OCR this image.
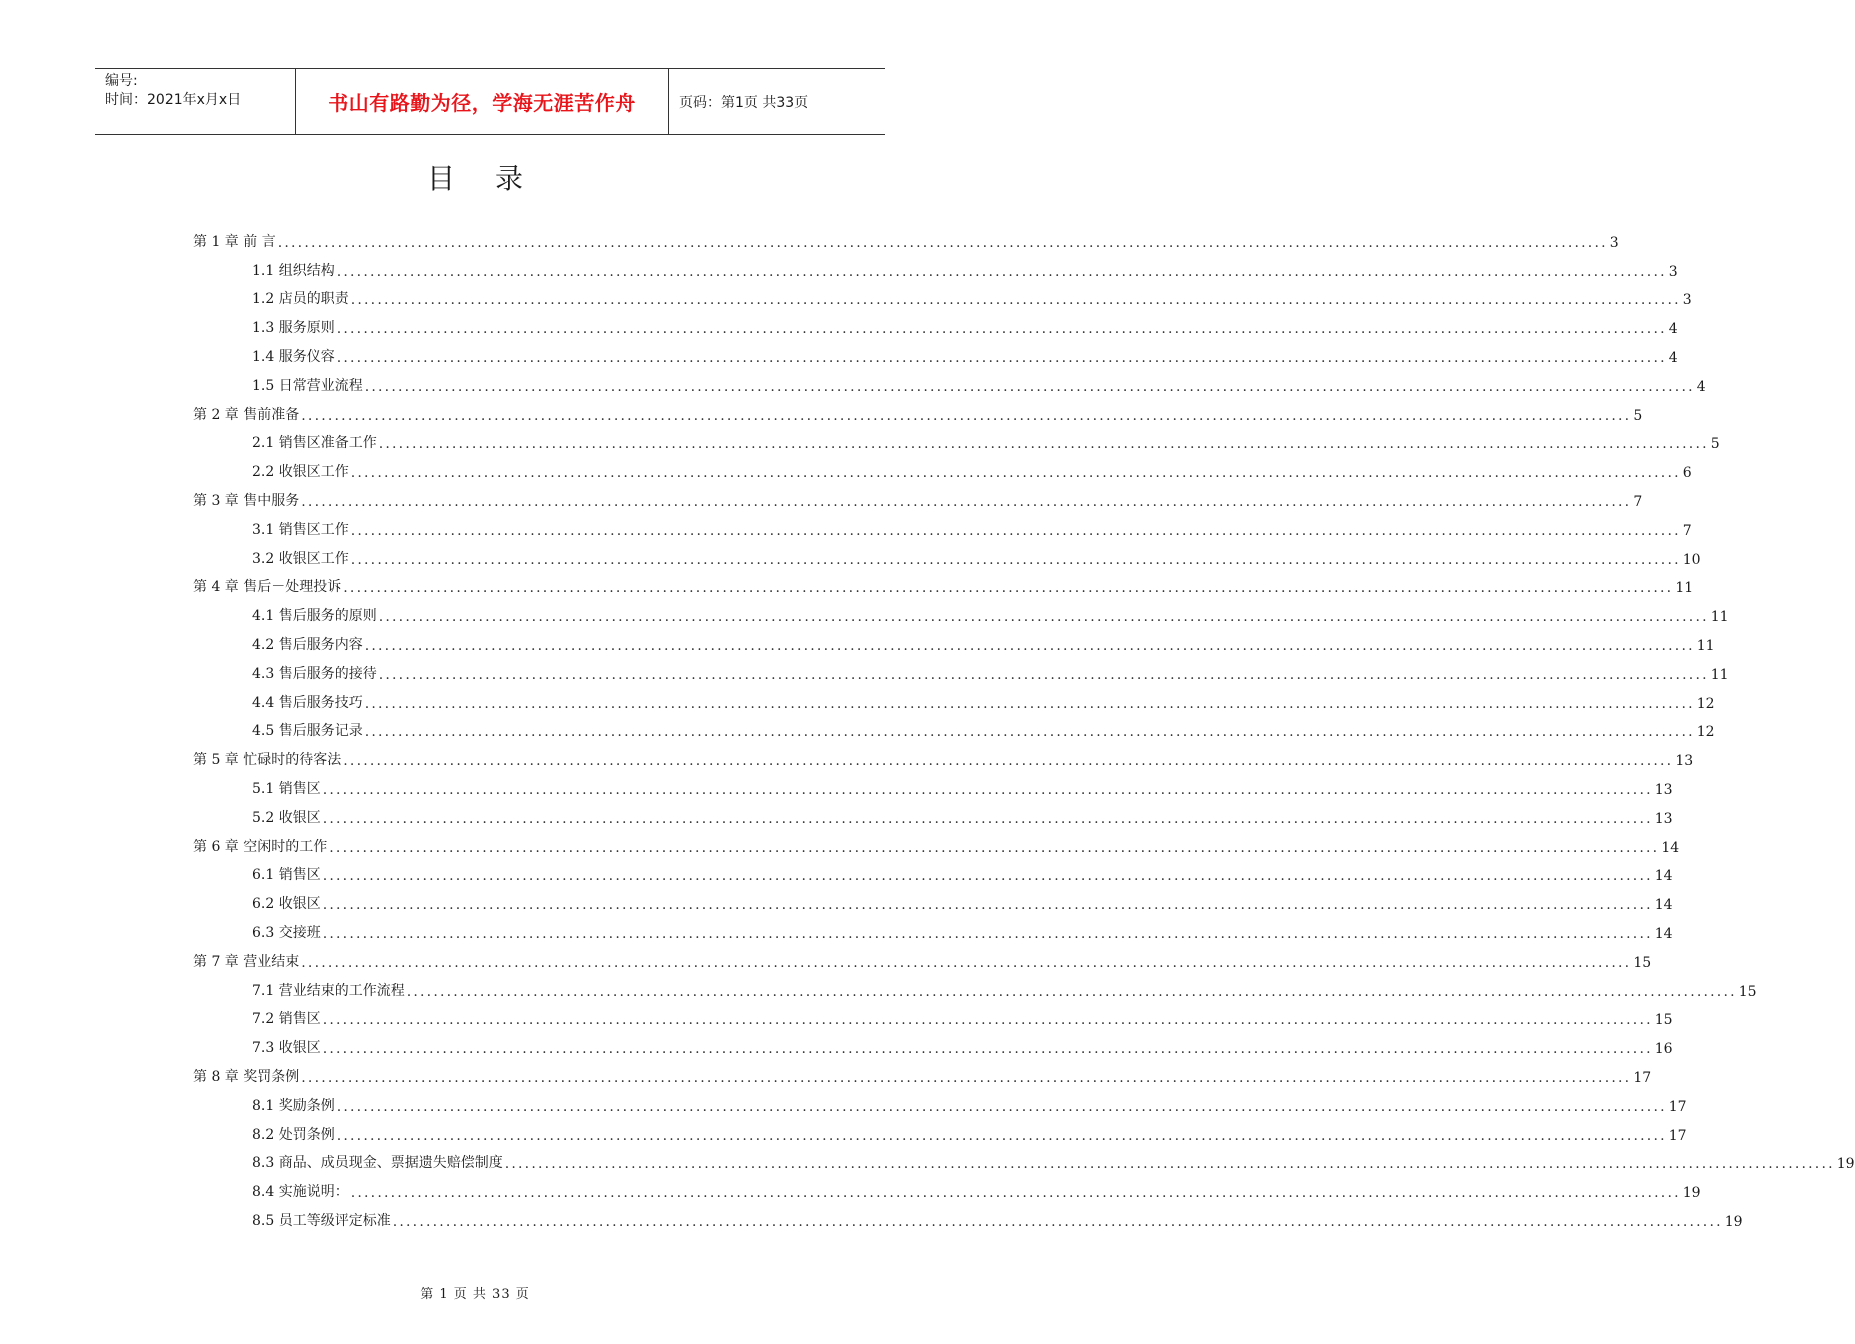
编号:
时间：2021年x月x日	书山有路勤为径，学海无涯苦作舟	页码：第1页 共33页
目录
第 1 章 前 言 ........................................................................................................................................................................................................ 3
1.1 组织结构 ........................................................................................................................................................................................................ 3
1.2 店员的职责 ........................................................................................................................................................................................................ 3
1.3 服务原则 ........................................................................................................................................................................................................ 4
1.4 服务仪容 ........................................................................................................................................................................................................ 4
1.5 日常营业流程 ........................................................................................................................................................................................................ 4
第 2 章 售前准备 ........................................................................................................................................................................................................ 5
2.1 销售区准备工作 ........................................................................................................................................................................................................ 5
2.2 收银区工作 ........................................................................................................................................................................................................ 6
第 3 章 售中服务 ........................................................................................................................................................................................................ 7
3.1 销售区工作 ........................................................................................................................................................................................................ 7
3.2 收银区工作 ........................................................................................................................................................................................................ 10
第 4 章 售后－处理投诉 ........................................................................................................................................................................................................ 11
4.1 售后服务的原则 ........................................................................................................................................................................................................ 11
4.2 售后服务内容 ........................................................................................................................................................................................................ 11
4.3 售后服务的接待 ........................................................................................................................................................................................................ 11
4.4 售后服务技巧 ........................................................................................................................................................................................................ 12
4.5 售后服务记录 ........................................................................................................................................................................................................ 12
第 5 章 忙碌时的待客法 ........................................................................................................................................................................................................ 13
5.1 销售区 ........................................................................................................................................................................................................ 13
5.2 收银区 ........................................................................................................................................................................................................ 13
第 6 章 空闲时的工作 ........................................................................................................................................................................................................ 14
6.1 销售区 ........................................................................................................................................................................................................ 14
6.2 收银区 ........................................................................................................................................................................................................ 14
6.3 交接班 ........................................................................................................................................................................................................ 14
第 7 章 营业结束 ........................................................................................................................................................................................................ 15
7.1 营业结束的工作流程 ........................................................................................................................................................................................................ 15
7.2 销售区 ........................................................................................................................................................................................................ 15
7.3 收银区 ........................................................................................................................................................................................................ 16
第 8 章 奖罚条例 ........................................................................................................................................................................................................ 17
8.1 奖励条例 ........................................................................................................................................................................................................ 17
8.2 处罚条例 ........................................................................................................................................................................................................ 17
8.3 商品、成员现金、票据遗失赔偿制度 ........................................................................................................................................................................................................ 19
8.4 实施说明： ........................................................................................................................................................................................................ 19
8.5 员工等级评定标准 ........................................................................................................................................................................................................ 19
第 1 页 共 33 页
